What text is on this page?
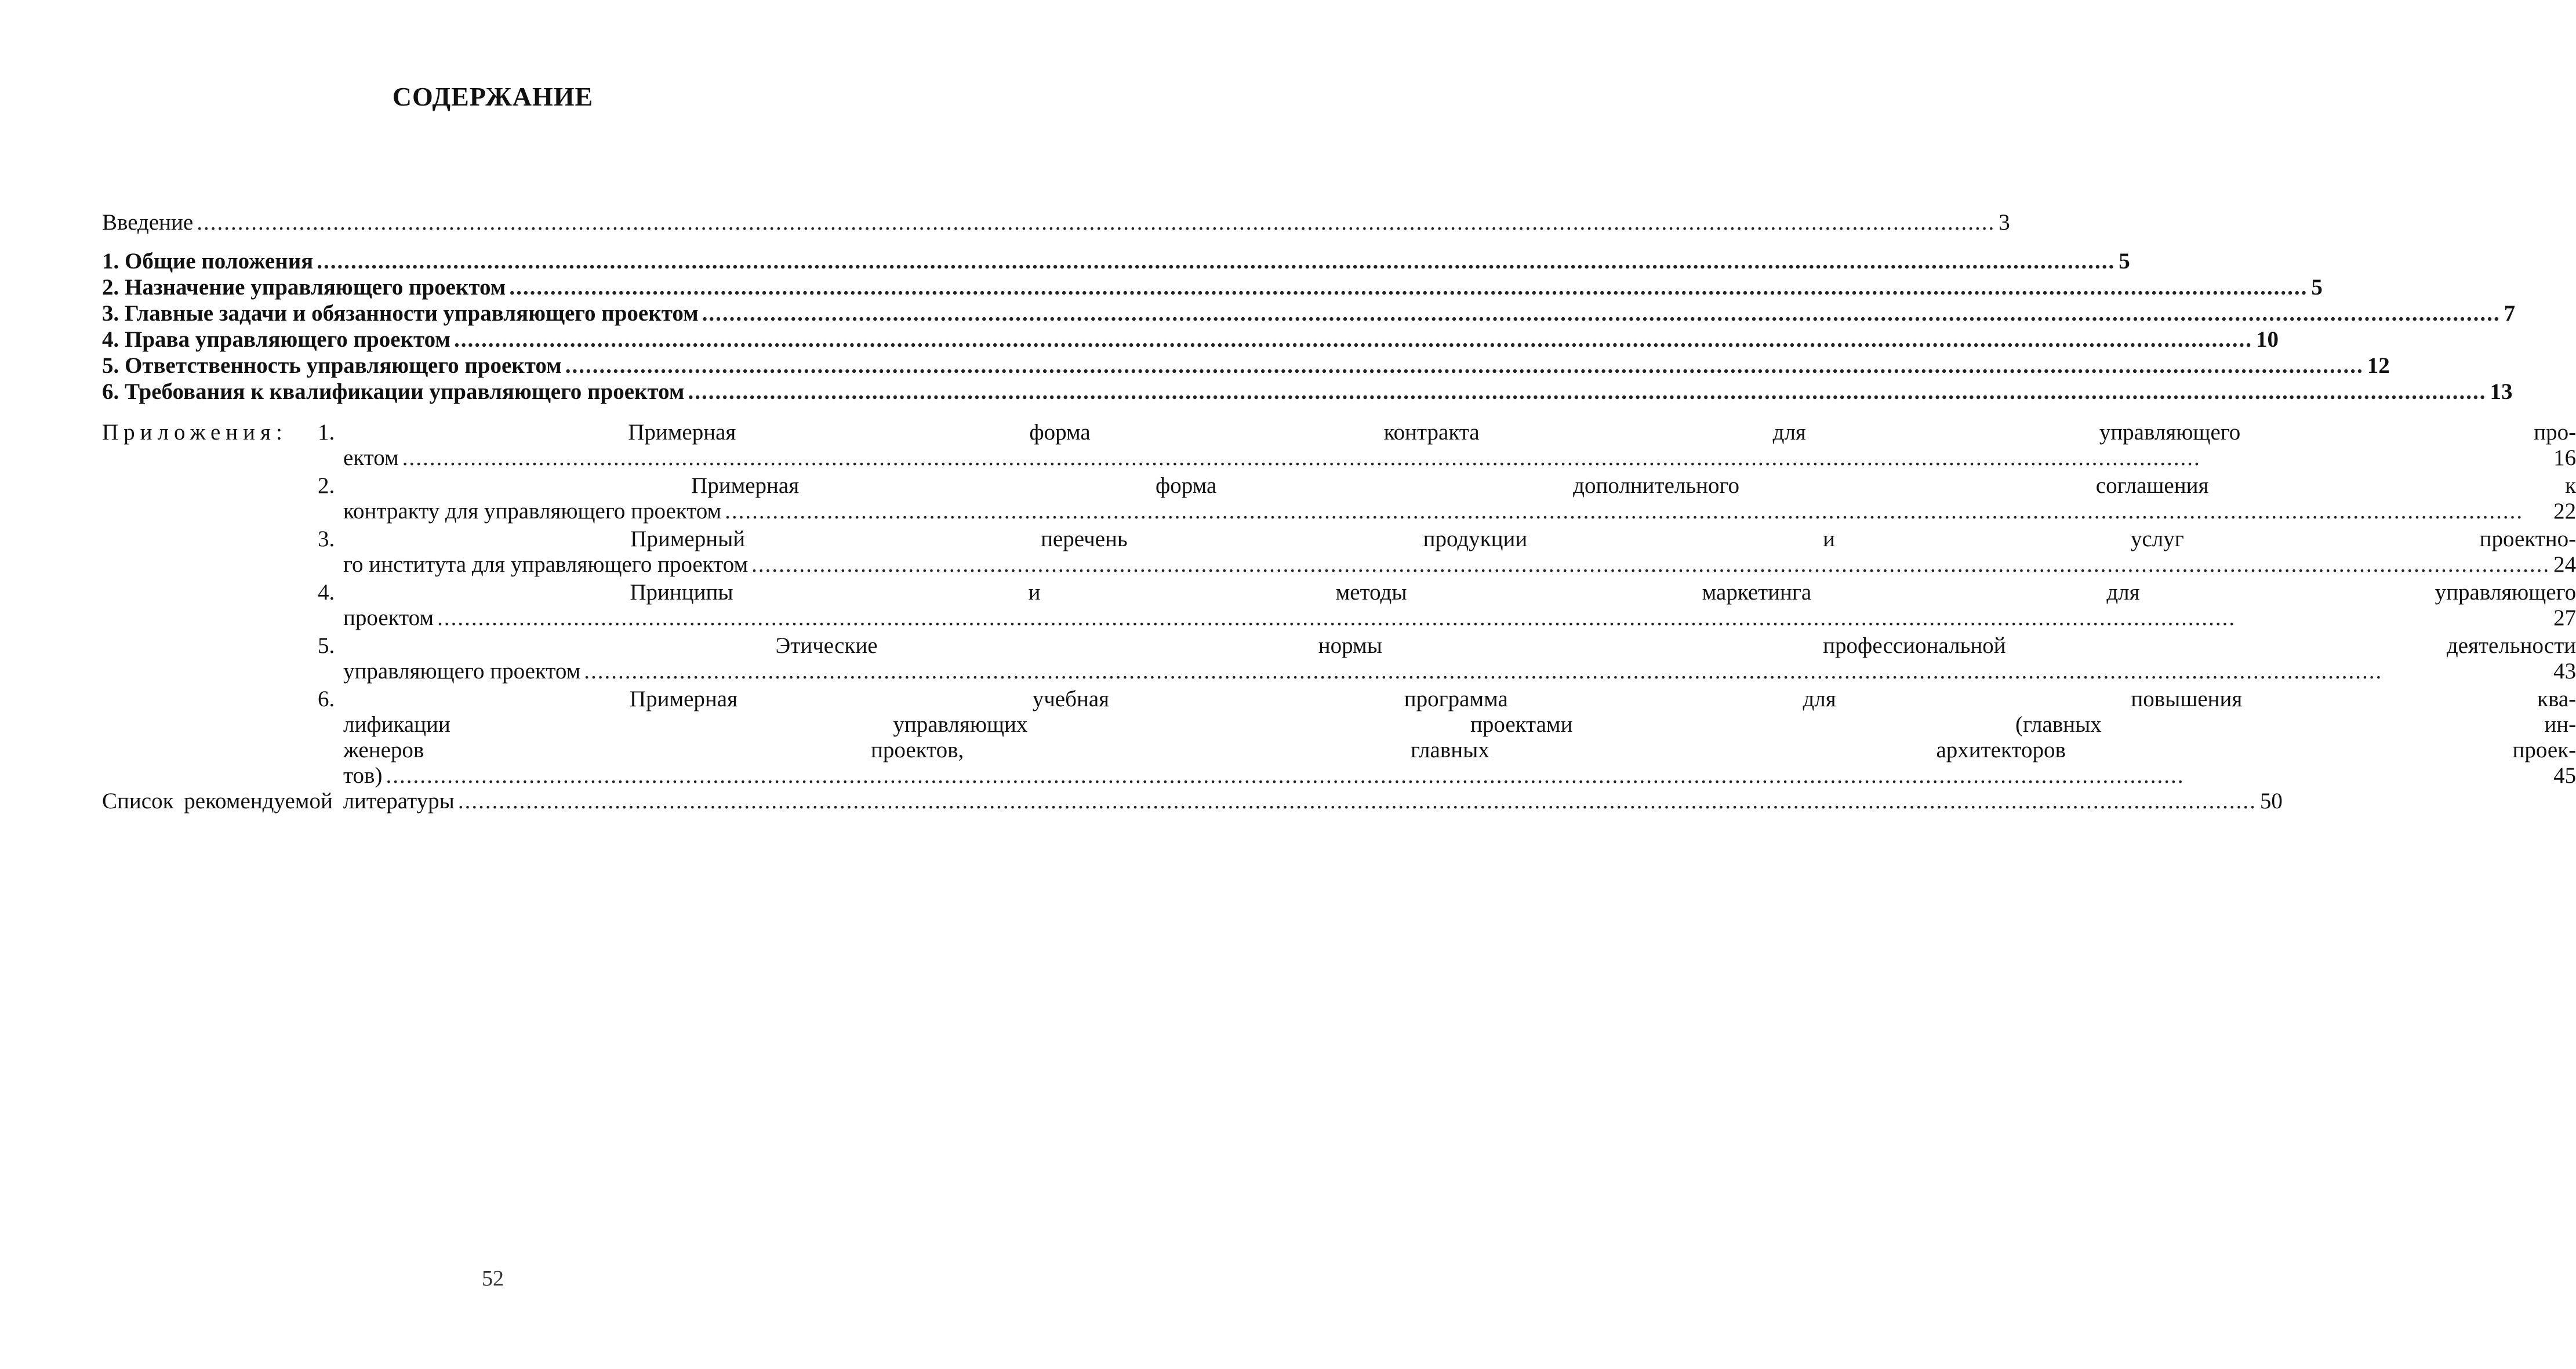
СОДЕРЖАНИЕ
Введение .....	3
1. Общие положения .....	5
2. Назначение управляющего проектом .....	5
3. Главные задачи и обязанности управляющего проектом .....	7
4. Права управляющего проектом .....	10
5. Ответственность управляющего проектом .....	12
6. Требования к квалификации управляющего проектом .....	13
Приложения:	1.	Примерная форма контракта для управляющего про-
ектом .....	16
2.	Примерная форма дополнительного соглашения к
контракту для управляющего проектом .....	22
3.	Примерный перечень продукции и услуг проектно-
го института для управляющего проектом .....	24
4.	Принципы и методы маркетинга для управляющего
проектом .....	27
5.	Этические нормы профессиональной деятельности
управляющего проектом .....	43
6.	Примерная учебная программа для повышения ква-
лификации управляющих проектами (главных ин-
женеров проектов, главных архитекторов проек-
тов) .....	45
Список рекомендуемой литературы .....	50
52
